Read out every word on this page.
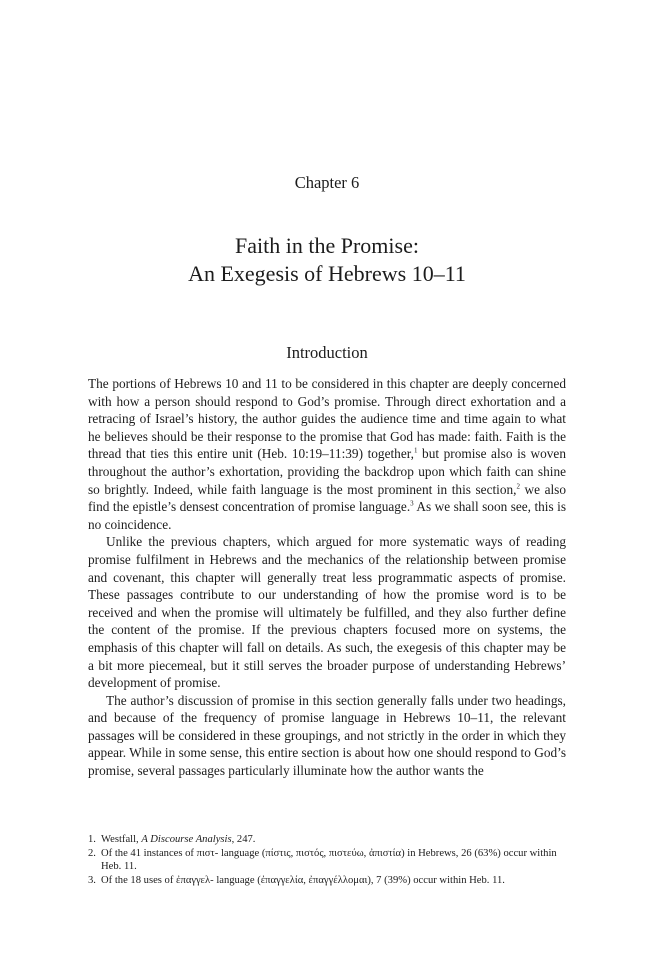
Chapter 6
Faith in the Promise:
An Exegesis of Hebrews 10–11
Introduction

The portions of Hebrews 10 and 11 to be considered in this chapter are deeply concerned with how a person should respond to God’s promise. Through direct exhortation and a retracing of Israel’s history, the author guides the audience time and time again to what he believes should be their response to the promise that God has made: faith. Faith is the thread that ties this entire unit (Heb. 10:19–11:39) together,$^1$ but promise also is woven throughout the author’s exhortation, providing the backdrop upon which faith can shine so brightly. Indeed, while faith language is the most prominent in this section,$^2$ we also find the epistle’s densest concentration of promise language.$^3$ As we shall soon see, this is no coincidence.

Unlike the previous chapters, which argued for more systematic ways of reading promise fulfilment in Hebrews and the mechanics of the relationship between promise and covenant, this chapter will generally treat less programmatic aspects of promise. These passages contribute to our understanding of how the promise word is to be received and when the promise will ultimately be fulfilled, and they also further define the content of the promise. If the previous chapters focused more on systems, the emphasis of this chapter will fall on details. As such, the exegesis of this chapter may be a bit more piecemeal, but it still serves the broader purpose of understanding Hebrews’ development of promise.

The author’s discussion of promise in this section generally falls under two headings, and because of the frequency of promise language in Hebrews 10–11, the relevant passages will be considered in these groupings, and not strictly in the order in which they appear. While in some sense, this entire section is about how one should respond to God’s promise, several passages particularly illuminate how the author wants the

1. Westfall, A Discourse Analysis, 247.
2. Of the 41 instances of πιστ- language (πίστις, πιστός, πιστεύω, ἀπιστία) in Hebrews, 26 (63%) occur within Heb. 11.
3. Of the 18 uses of ἐπαγγελ- language (ἐπαγγελία, ἐπαγγέλλομαι), 7 (39%) occur within Heb. 11.
